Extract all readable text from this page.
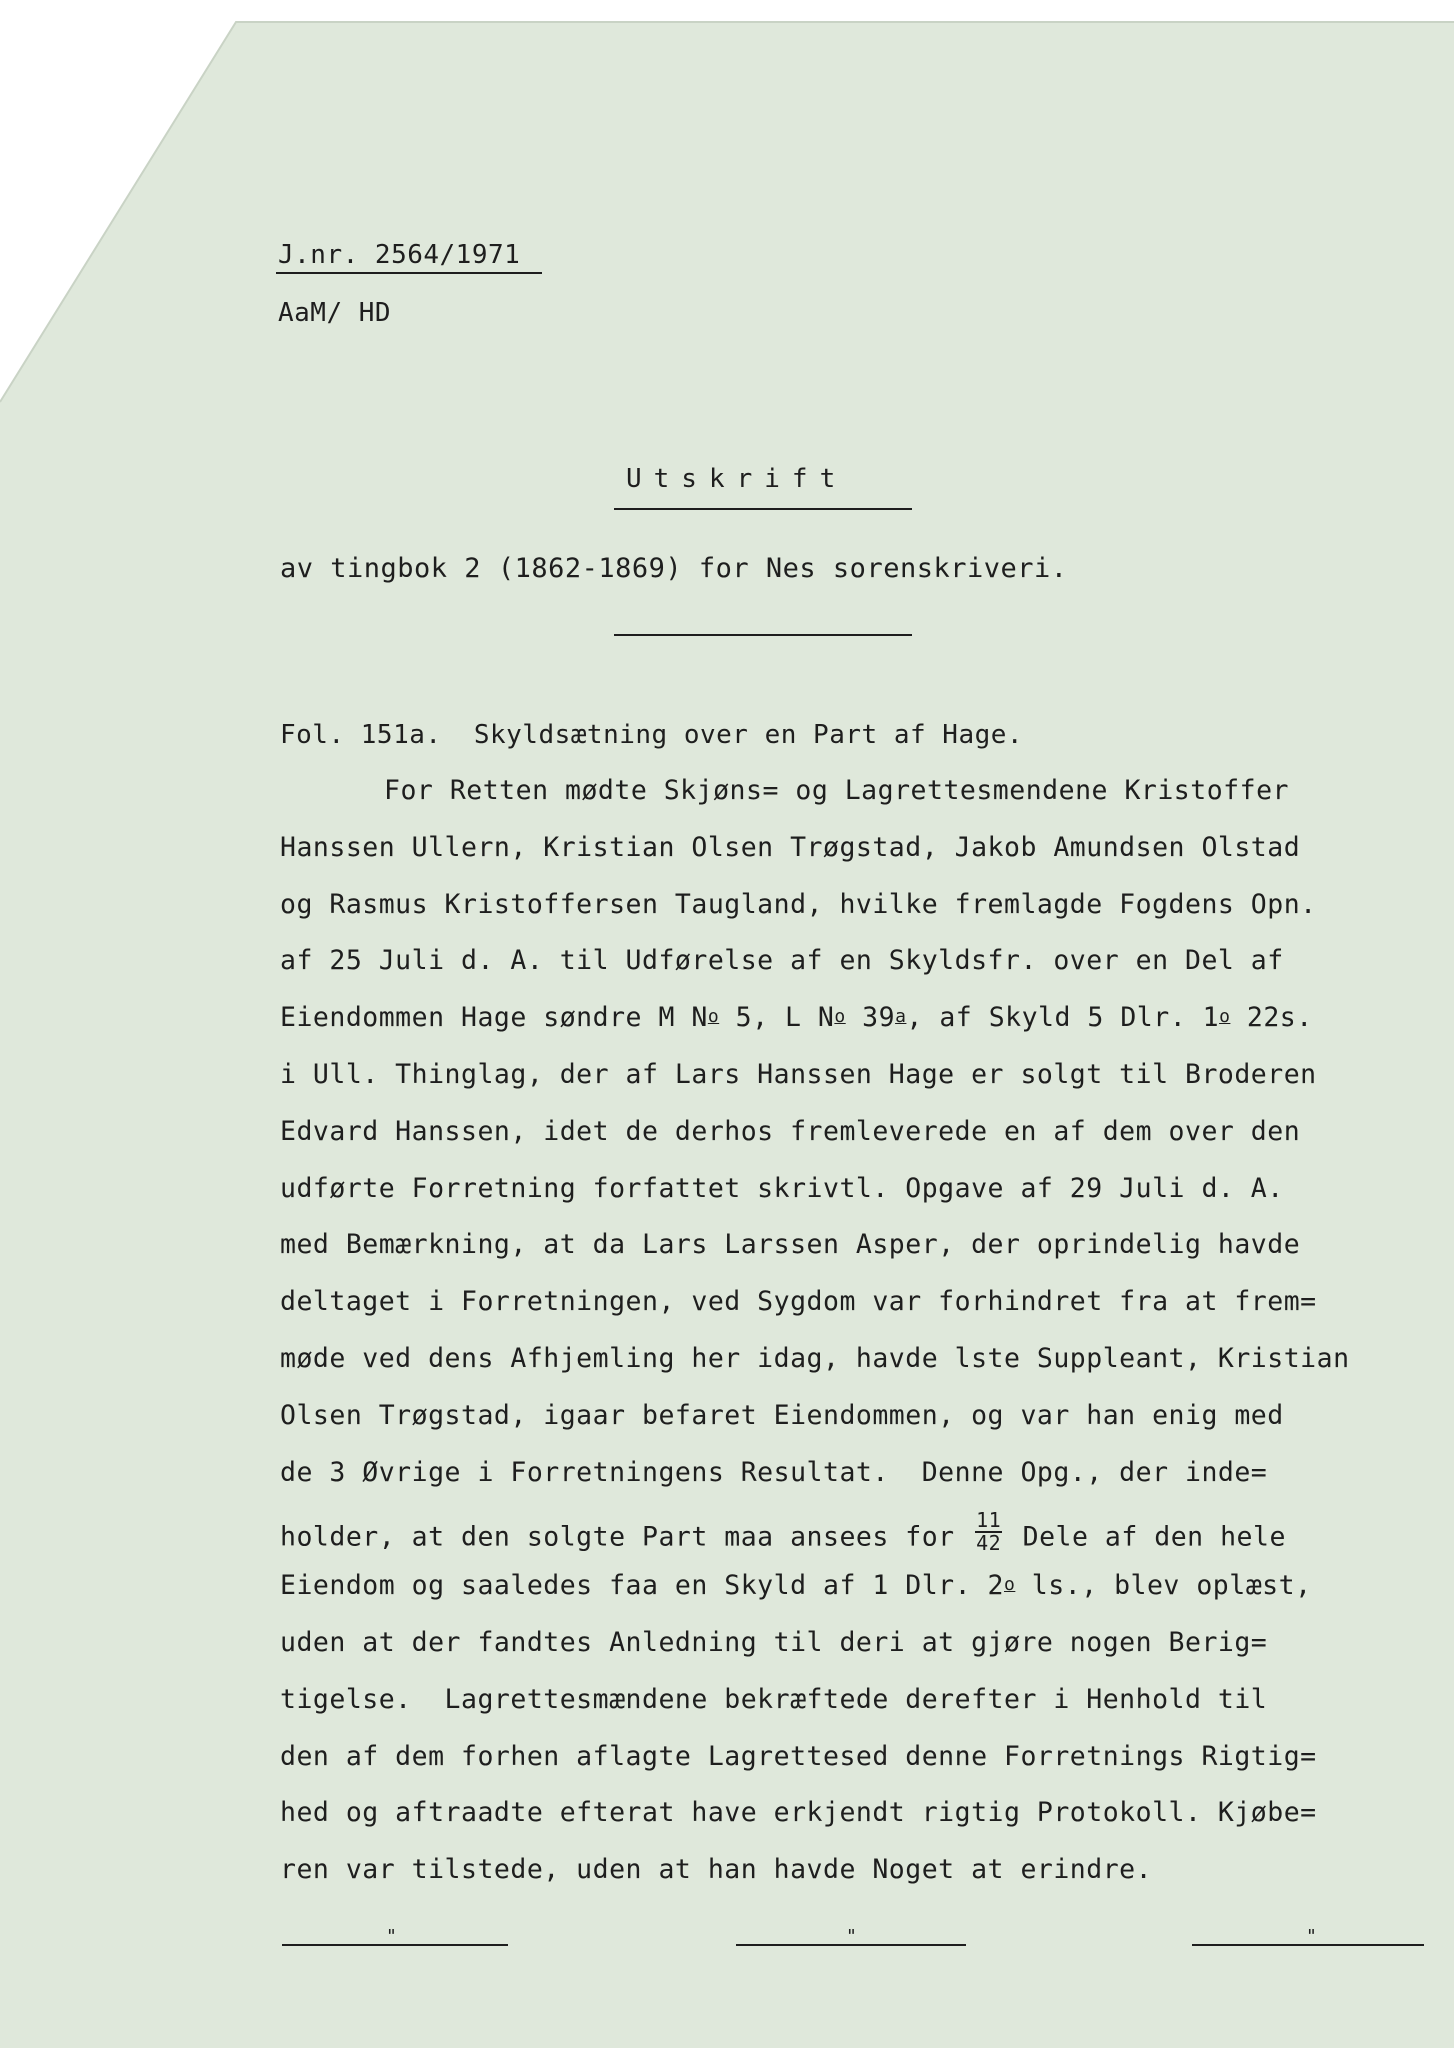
J.nr. 2564/1971
AaM/ HD
Utskrift
av tingbok 2 (1862-1869) for Nes sorenskriveri.
Fol. 151a.  Skyldsætning over en Part af Hage.
For Retten mødte Skjøns= og Lagrettesmendene Kristoffer
Hanssen Ullern, Kristian Olsen Trøgstad, Jakob Amundsen Olstad
og Rasmus Kristoffersen Taugland, hvilke fremlagde Fogdens Opn.
af 25 Juli d. A. til Udførelse af en Skyldsfr. over en Del af
Eiendommen Hage søndre M $N^o$ 5, L $N^o$ 39$^a$, af Skyld 5 Dlr. 1$^o$ 22s.
i Ull. Thinglag, der af Lars Hanssen Hage er solgt til Broderen
Edvard Hanssen, idet de derhos fremleverede en af dem over den
udførte Forretning forfattet skrivtl. Opgave af 29 Juli d. A.
med Bemærkning, at da Lars Larssen Asper, der oprindelig havde
deltaget i Forretningen, ved Sygdom var forhindret fra at frem=
møde ved dens Afhjemling her idag, havde lste Suppleant, Kristian
Olsen Trøgstad, igaar befaret Eiendommen, og var han enig med
de 3 Øvrige i Forretningens Resultat.  Denne Opg., der inde=
holder, at den solgte Part maa ansees for $\frac{11}{42}$ Dele af den hele
Eiendom og saaledes faa en Skyld af 1 Dlr. 2$^o$ ls., blev oplæst,
uden at der fandtes Anledning til deri at gjøre nogen Berig=
tigelse.  Lagrettesmændene bekræftede derefter i Henhold til
den af dem forhen aflagte Lagrettesed denne Forretnings Rigtig=
hed og aftraadte efterat have erkjendt rigtig Protokoll. Kjøbe=
ren var tilstede, uden at han havde Noget at erindre.
"	"	"
